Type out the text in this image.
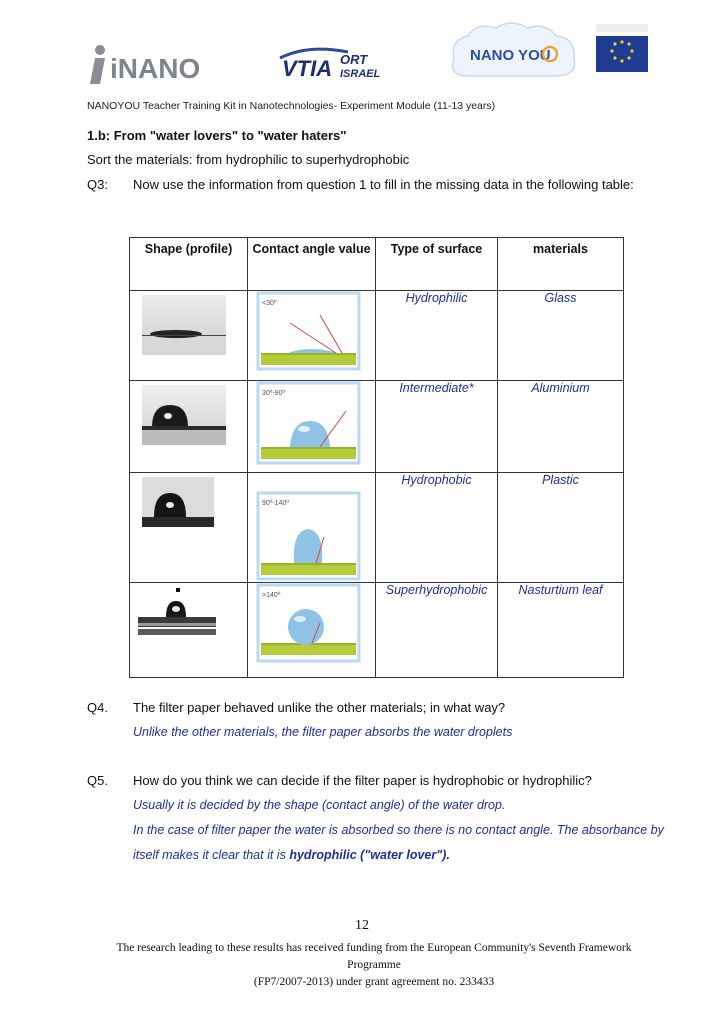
iNANO	VTIA ORT
ISRAEL
NANO YOU
NANOYOU Teacher Training Kit in Nanotechnologies- Experiment Module (11-13 years)
1.b: From "water lovers" to "water haters"
Sort the materials: from hydrophilic to superhydrophobic
Q3: Now use the information from question 1 to fill in the missing data in the following table:
Shape (profile)	Contact angle value	Type of surface	materials

<30º	Hydrophilic	Glass

30º-90º	Intermediate*	Aluminium

90º-140º	Hydrophobic	Plastic

>140º	Superhydrophobic	Nasturtium leaf
Q4. The filter paper behaved unlike the other materials; in what way?
Unlike the other materials, the filter paper absorbs the water droplets
Q5. How do you think we can decide if the filter paper is hydrophobic or hydrophilic?
Usually it is decided by the shape (contact angle) of the water drop.
In the case of filter paper the water is absorbed so there is no contact angle. The absorbance by
itself makes it clear that it is hydrophilic ("water lover").
12
The research leading to these results has received funding from the European Community's Seventh Framework Programme
(FP7/2007-2013) under grant agreement no. 233433
